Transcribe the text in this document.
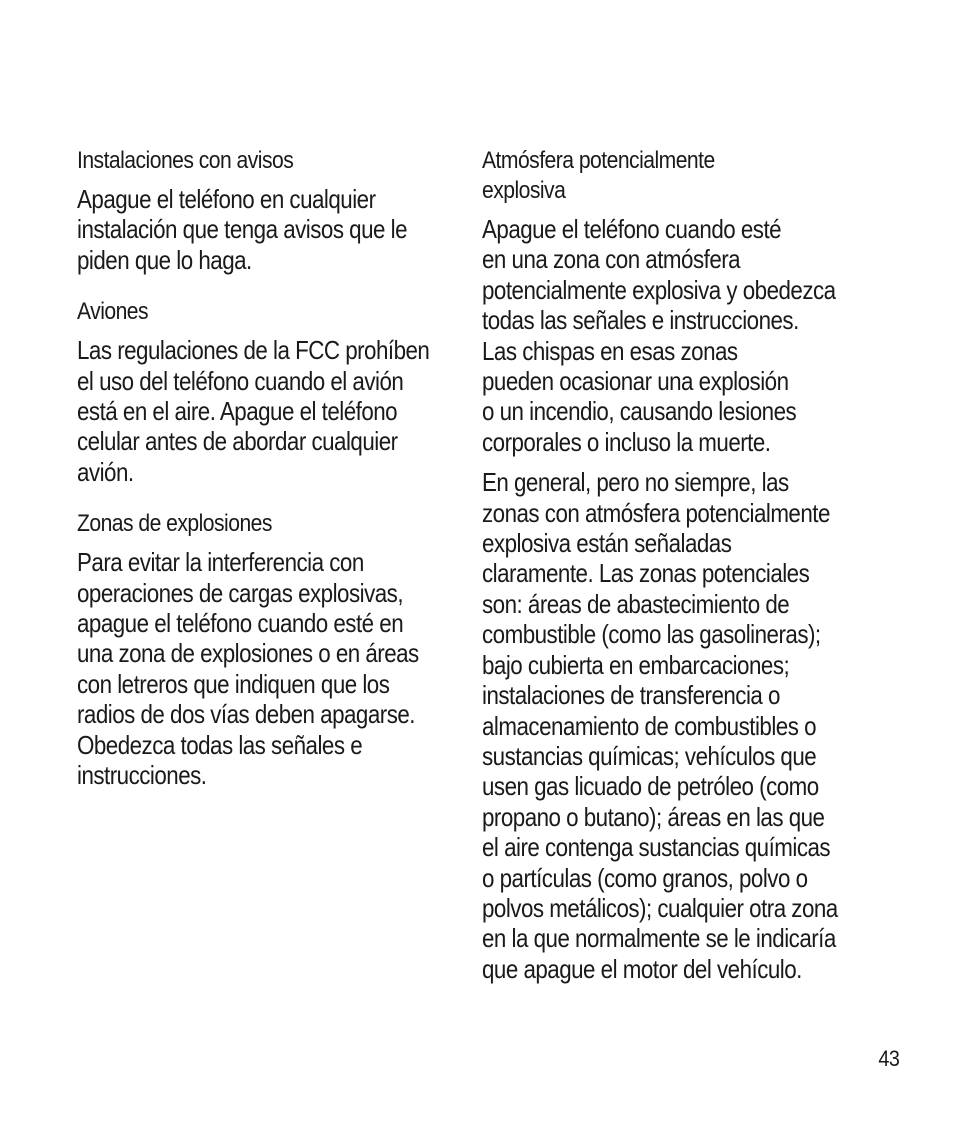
Instalaciones con avisos
Apague el teléfono en cualquier
instalación que tenga avisos que le
piden que lo haga.
Aviones
Las regulaciones de la FCC prohíben
el uso del teléfono cuando el avión
está en el aire. Apague el teléfono
celular antes de abordar cualquier
avión.
Zonas de explosiones
Para evitar la interferencia con
operaciones de cargas explosivas,
apague el teléfono cuando esté en
una zona de explosiones o en áreas
con letreros que indiquen que los
radios de dos vías deben apagarse.
Obedezca todas las señales e
instrucciones.
Atmósfera potencialmente
explosiva
Apague el teléfono cuando esté
en una zona con atmósfera
potencialmente explosiva y obedezca
todas las señales e instrucciones.
Las chispas en esas zonas
pueden ocasionar una explosión
o un incendio, causando lesiones
corporales o incluso la muerte.
En general, pero no siempre, las
zonas con atmósfera potencialmente
explosiva están señaladas
claramente. Las zonas potenciales
son: áreas de abastecimiento de
combustible (como las gasolineras);
bajo cubierta en embarcaciones;
instalaciones de transferencia o
almacenamiento de combustibles o
sustancias químicas; vehículos que
usen gas licuado de petróleo (como
propano o butano); áreas en las que
el aire contenga sustancias químicas
o partículas (como granos, polvo o
polvos metálicos); cualquier otra zona
en la que normalmente se le indicaría
que apague el motor del vehículo.
43
